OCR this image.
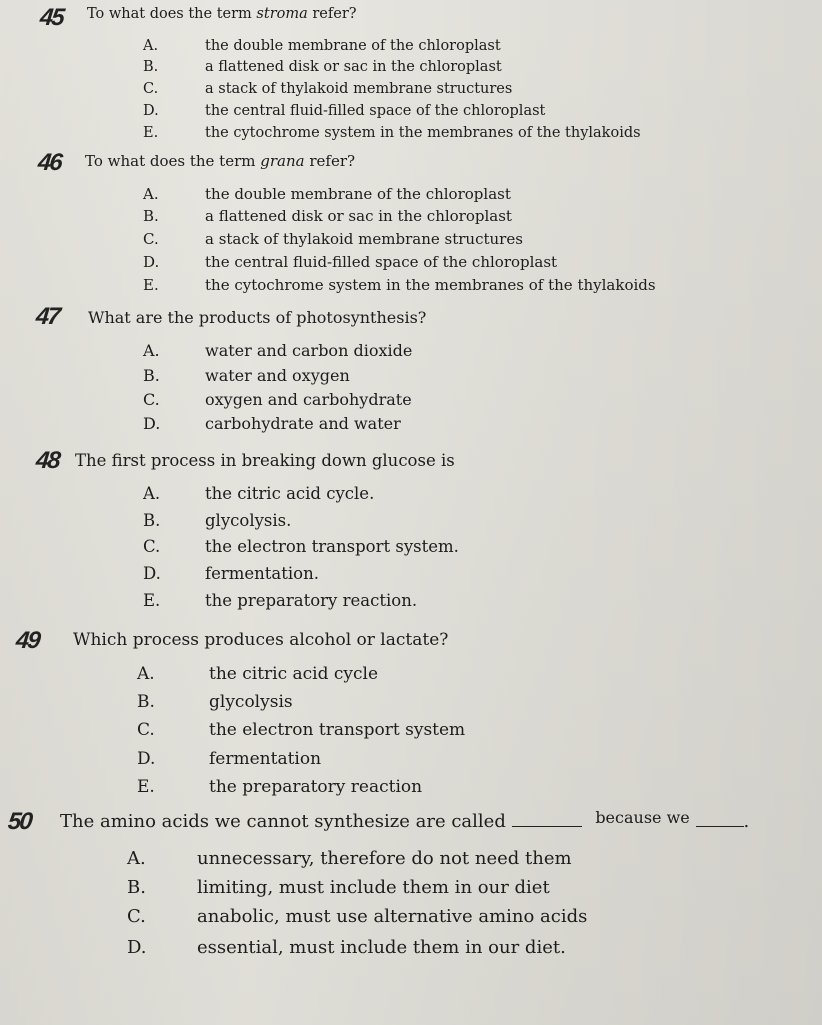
45 To what does the term stroma refer?
A.	the double membrane of the chloroplast
B.	a flattened disk or sac in the chloroplast
C.	a stack of thylakoid membrane structures
D.	the central fluid-filled space of the chloroplast
E.	the cytochrome system in the membranes of the thylakoids
46 To what does the term grana refer?
A.	the double membrane of the chloroplast
B.	a flattened disk or sac in the chloroplast
C.	a stack of thylakoid membrane structures
D.	the central fluid-filled space of the chloroplast
E.	the cytochrome system in the membranes of the thylakoids
47 What are the products of photosynthesis?
A.	water and carbon dioxide
B.	water and oxygen
C.	oxygen and carbohydrate
D.	carbohydrate and water
48 The first process in breaking down glucose is
A.	the citric acid cycle.
B.	glycolysis.
C.	the electron transport system.
D.	fermentation.
E.	the preparatory reaction.
49 Which process produces alcohol or lactate?
A.	the citric acid cycle
B.	glycolysis
C.	the electron transport system
D.	fermentation
E.	the preparatory reaction
50 The amino acids we cannot synthesize are called	because we	.
A.	unnecessary, therefore do not need them
B.	limiting, must include them in our diet
C.	anabolic, must use alternative amino acids
D.	essential, must include them in our diet.
